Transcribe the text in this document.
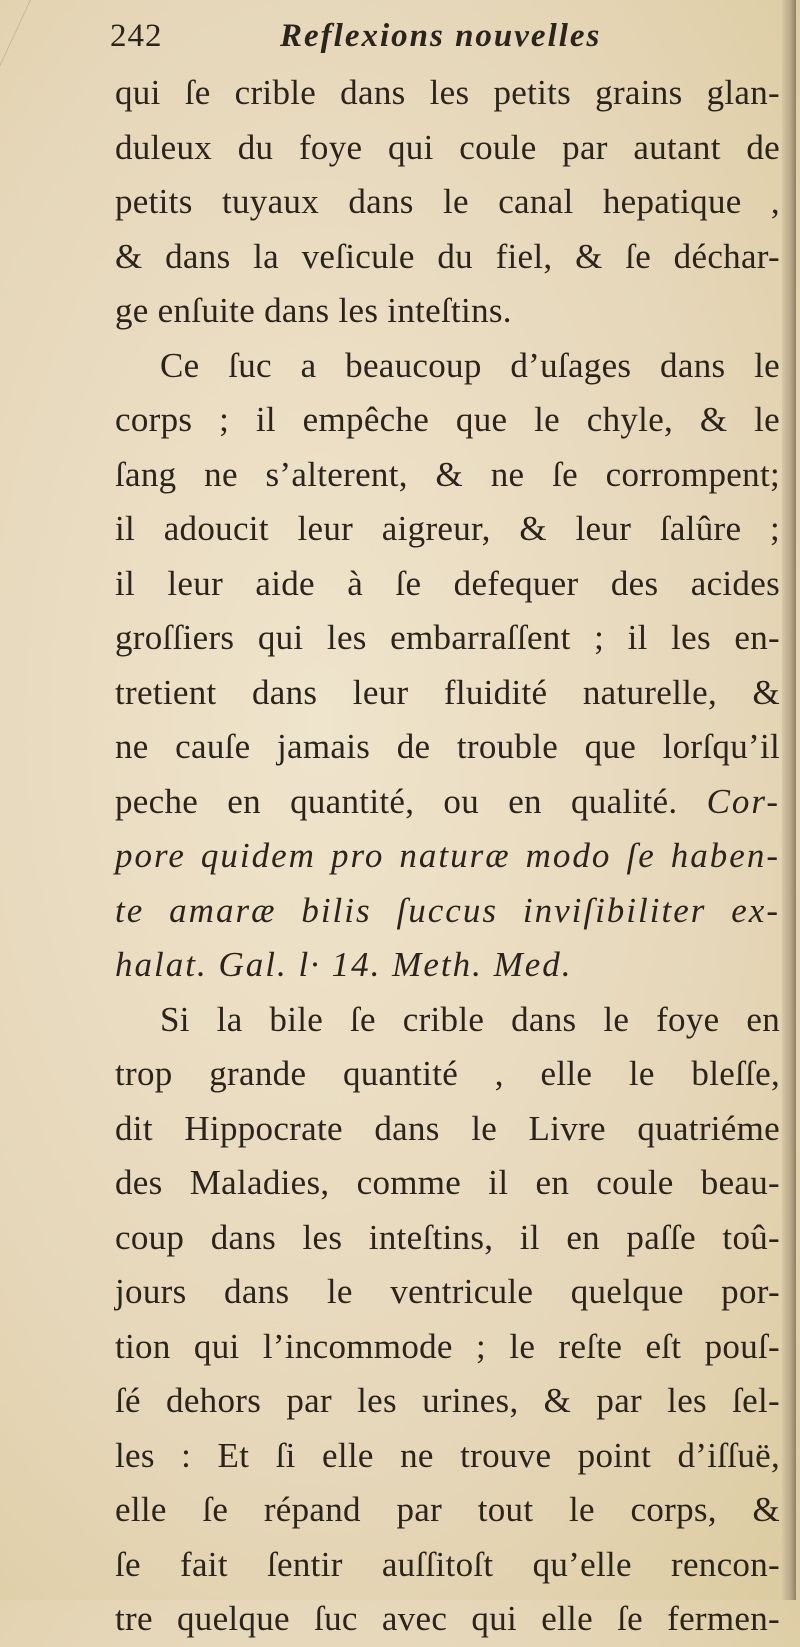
242	Reflexions nouvelles
qui ſe crible dans les petits grains glan-
duleux du foye qui coule par autant de
petits tuyaux dans le canal hepatique ,
& dans la veſicule du fiel, & ſe déchar-
ge enſuite dans les inteſtins.
Ce ſuc a beaucoup d’uſages dans le
corps ; il empêche que le chyle, & le
ſang ne s’alterent, & ne ſe corrompent;
il adoucit leur aigreur, & leur ſalûre ;
il leur aide à ſe defequer des acides
groſſiers qui les embarraſſent ; il les en-
tretient dans leur fluidité naturelle, &
ne cauſe jamais de trouble que lorſqu’il
peche en quantité, ou en qualité. Cor-
pore quidem pro naturæ modo ſe haben-
te amaræ bilis ſuccus inviſibiliter ex-
halat. Gal. l· 14. Meth. Med.
Si la bile ſe crible dans le foye en
trop grande quantité , elle le bleſſe,
dit Hippocrate dans le Livre quatriéme
des Maladies, comme il en coule beau-
coup dans les inteſtins, il en paſſe toû-
jours dans le ventricule quelque por-
tion qui l’incommode ; le reſte eſt pouſ-
ſé dehors par les urines, & par les ſel-
les : Et ſi elle ne trouve point d’iſſuë,
elle ſe répand par tout le corps, &
ſe fait ſentir auſſitoſt qu’elle rencon-
tre quelque ſuc avec qui elle ſe fermen-
